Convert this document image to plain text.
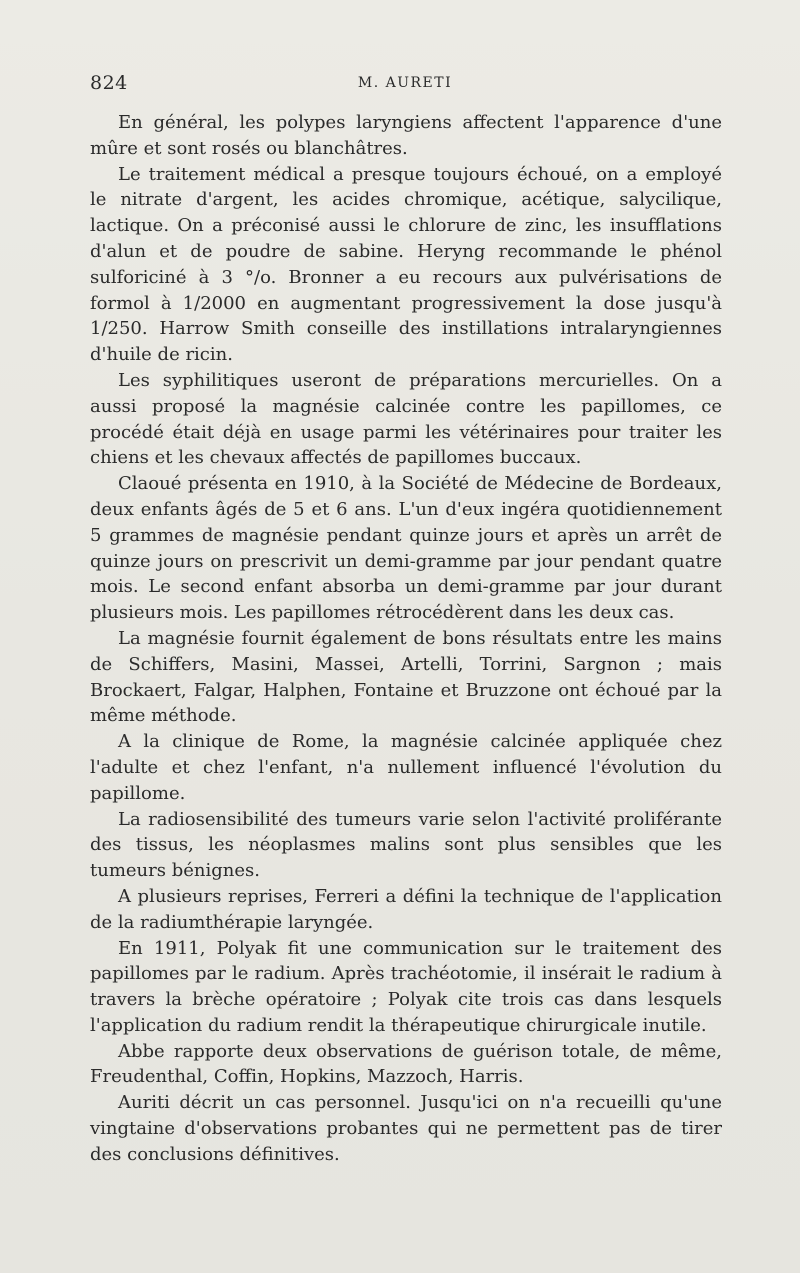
824	M. AURETI

En général, les polypes laryngiens affectent l'apparence d'une mûre et sont rosés ou blanchâtres.

Le traitement médical a presque toujours échoué, on a employé le nitrate d'argent, les acides chromique, acétique, salycilique, lactique. On a préconisé aussi le chlorure de zinc, les insufflations d'alun et de poudre de sabine. Heryng recommande le phénol sulforiciné à 3 °/o. Bronner a eu recours aux pulvérisations de formol à 1/2000 en augmentant progressivement la dose jusqu'à 1/250. Harrow Smith conseille des instillations intralaryngiennes d'huile de ricin.

Les syphilitiques useront de préparations mercurielles. On a aussi proposé la magnésie calcinée contre les papillomes, ce procédé était déjà en usage parmi les vétérinaires pour traiter les chiens et les chevaux affectés de papillomes buccaux.

Claoué présenta en 1910, à la Société de Médecine de Bordeaux, deux enfants âgés de 5 et 6 ans. L'un d'eux ingéra quotidiennement 5 grammes de magnésie pendant quinze jours et après un arrêt de quinze jours on prescrivit un demi-gramme par jour pendant quatre mois. Le second enfant absorba un demi-gramme par jour durant plusieurs mois. Les papillomes rétrocédèrent dans les deux cas.

La magnésie fournit également de bons résultats entre les mains de Schiffers, Masini, Massei, Artelli, Torrini, Sargnon ; mais Brockaert, Falgar, Halphen, Fontaine et Bruzzone ont échoué par la même méthode.

A la clinique de Rome, la magnésie calcinée appliquée chez l'adulte et chez l'enfant, n'a nullement influencé l'évolution du papillome.

La radiosensibilité des tumeurs varie selon l'activité proliférante des tissus, les néoplasmes malins sont plus sensibles que les tumeurs bénignes.

A plusieurs reprises, Ferreri a défini la technique de l'application de la radiumthérapie laryngée.

En 1911, Polyak fit une communication sur le traitement des papillomes par le radium. Après trachéotomie, il insérait le radium à travers la brèche opératoire ; Polyak cite trois cas dans lesquels l'application du radium rendit la thérapeutique chirurgicale inutile.

Abbe rapporte deux observations de guérison totale, de même, Freudenthal, Coffin, Hopkins, Mazzoch, Harris.

Auriti décrit un cas personnel. Jusqu'ici on n'a recueilli qu'une vingtaine d'observations probantes qui ne permettent pas de tirer des conclusions définitives.
